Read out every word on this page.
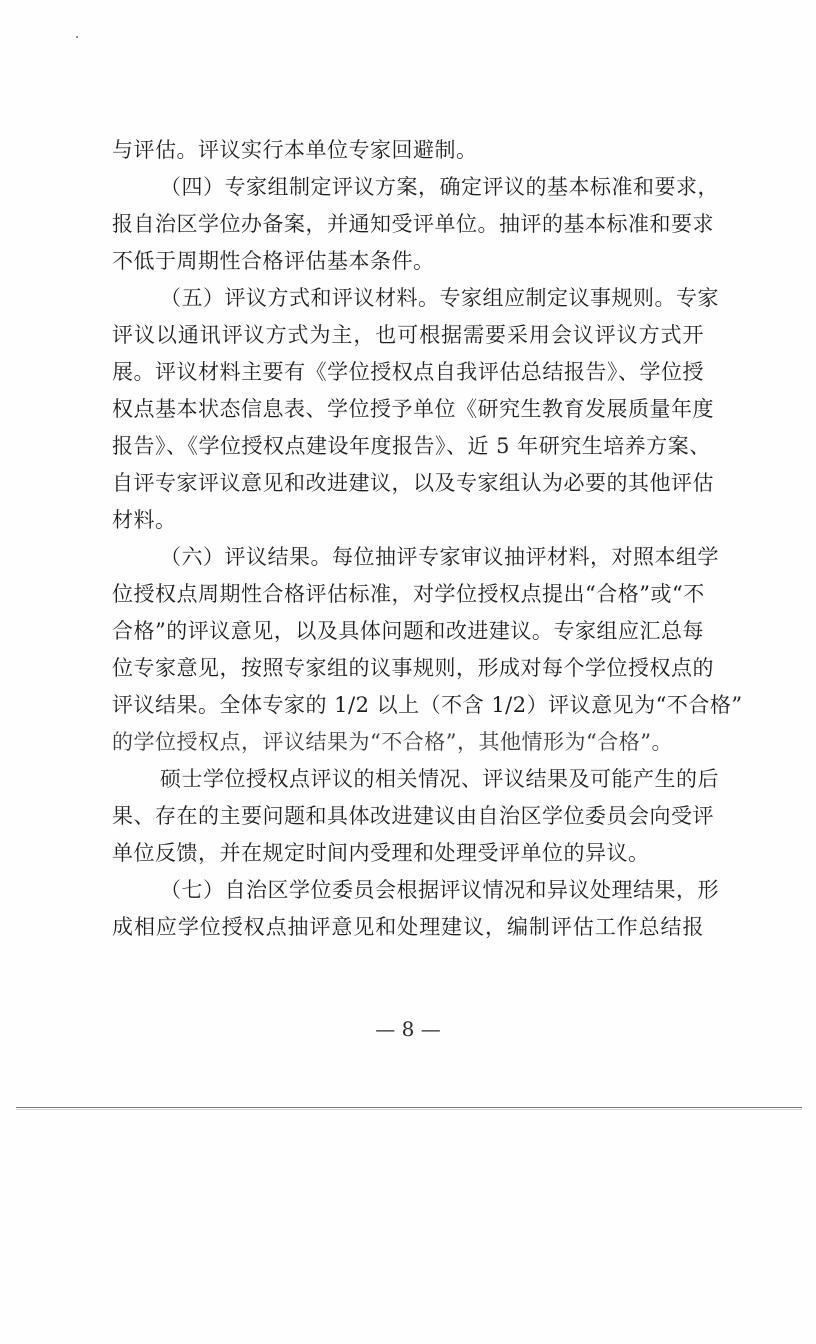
与评估。评议实行本单位专家回避制。
（四）专家组制定评议方案，确定评议的基本标准和要求，
报自治区学位办备案，并通知受评单位。抽评的基本标准和要求
不低于周期性合格评估基本条件。
（五）评议方式和评议材料。专家组应制定议事规则。专家
评议以通讯评议方式为主，也可根据需要采用会议评议方式开
展。评议材料主要有《学位授权点自我评估总结报告》、学位授
权点基本状态信息表、学位授予单位《研究生教育发展质量年度
报告》、《学位授权点建设年度报告》、近 5 年研究生培养方案、
自评专家评议意见和改进建议，以及专家组认为必要的其他评估
材料。
（六）评议结果。每位抽评专家审议抽评材料，对照本组学
位授权点周期性合格评估标准，对学位授权点提出“合格”或“不
合格”的评议意见，以及具体问题和改进建议。专家组应汇总每
位专家意见，按照专家组的议事规则，形成对每个学位授权点的
评议结果。全体专家的 1/2 以上（不含 1/2）评议意见为“不合格”
的学位授权点，评议结果为“不合格”，其他情形为“合格”。
硕士学位授权点评议的相关情况、评议结果及可能产生的后
果、存在的主要问题和具体改进建议由自治区学位委员会向受评
单位反馈，并在规定时间内受理和处理受评单位的异议。
（七）自治区学位委员会根据评议情况和异议处理结果，形
成相应学位授权点抽评意见和处理建议，编制评估工作总结报
— 8 —
